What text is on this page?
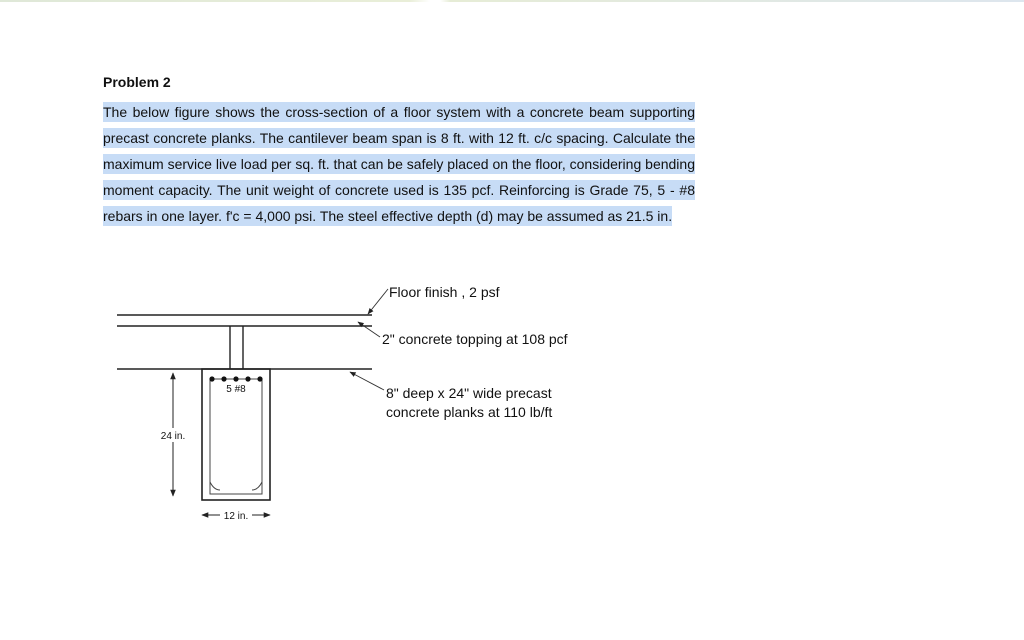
Problem 2

The below figure shows the cross-section of a floor system with a concrete beam supporting precast concrete planks. The cantilever beam span is 8 ft. with 12 ft. c/c spacing. Calculate the maximum service live load per sq. ft. that can be safely placed on the floor, considering bending moment capacity. The unit weight of concrete used is 135 pcf. Reinforcing is Grade 75, 5 - #8 rebars in one layer. f'c = 4,000 psi. The steel effective depth (d) may be assumed as 21.5 in.

5 #8
24 in.
12 in.
Floor finish , 2 psf
2" concrete topping at 108 pcf
8" deep x 24" wide precast
concrete planks at 110 lb/ft
